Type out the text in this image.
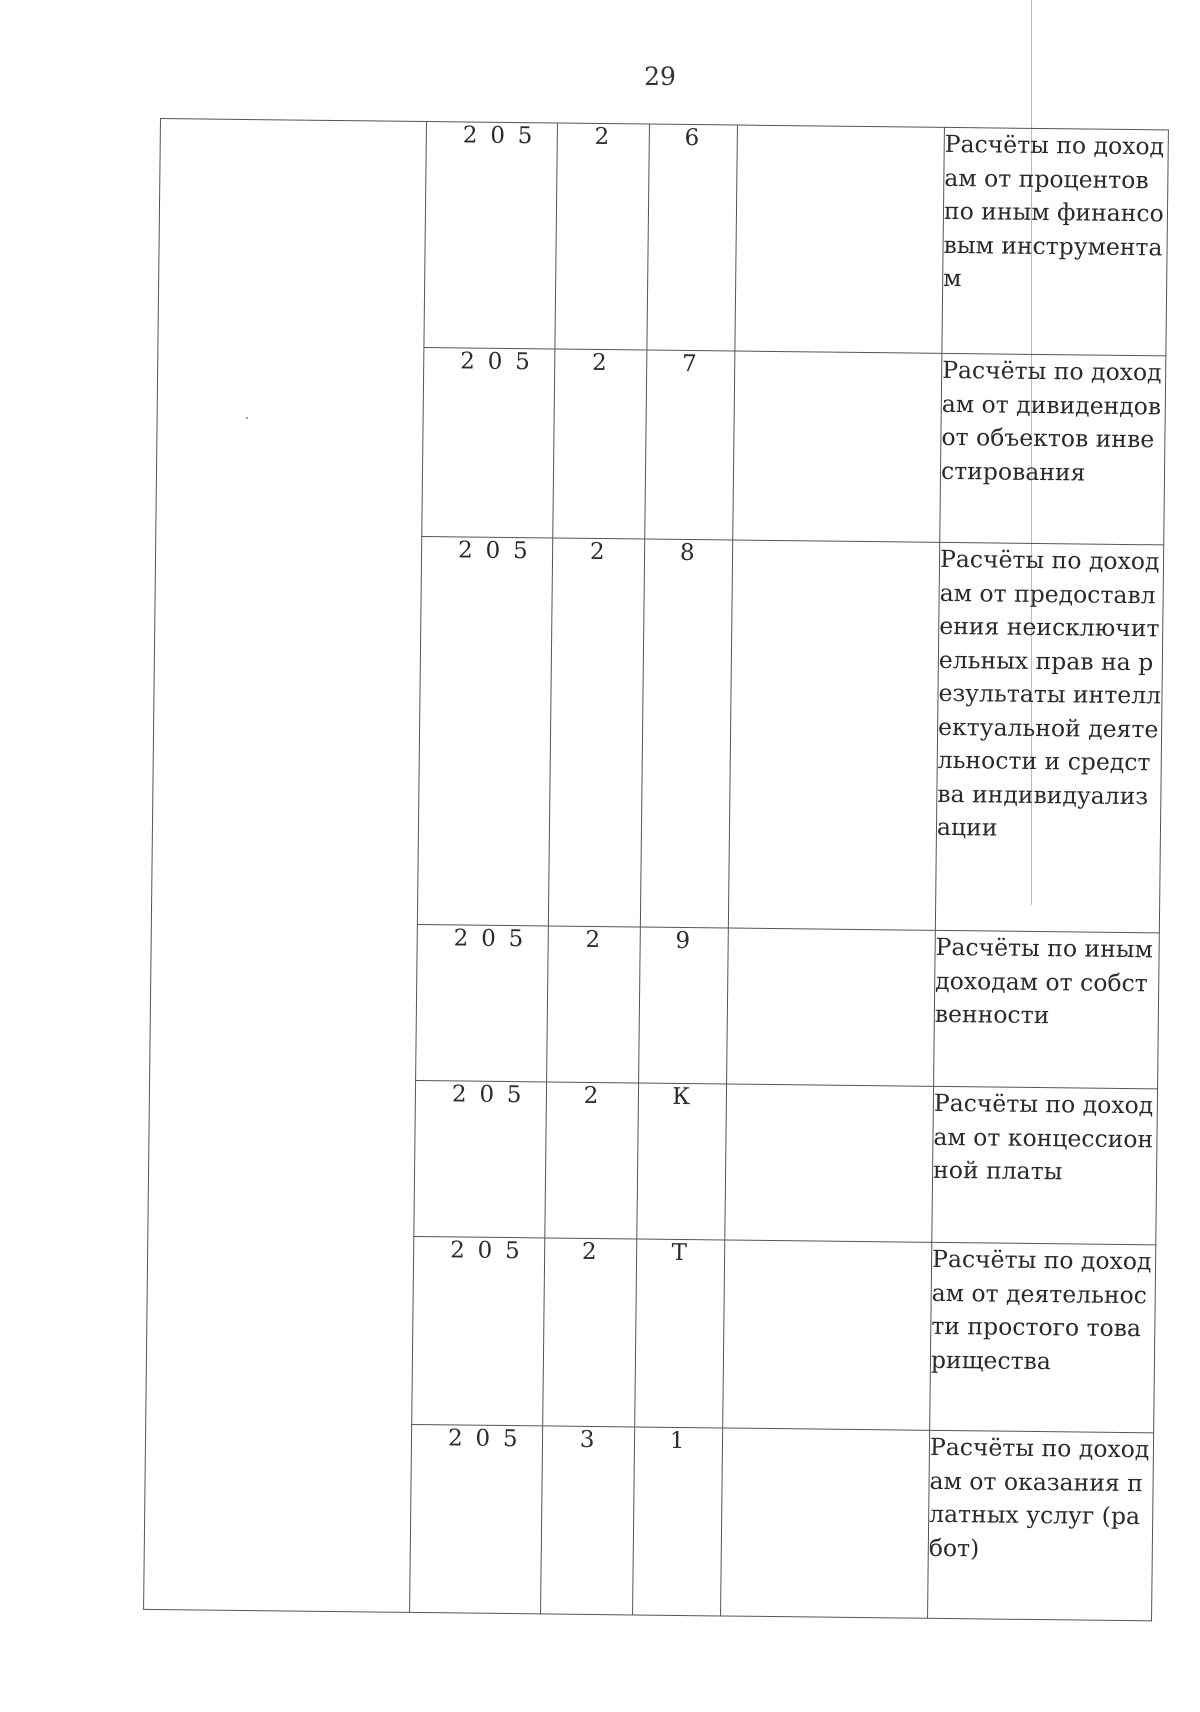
29
	2 0 5	2	6		Расчёты по доходам от процентов по иным финансовым инструментам
	2 0 5	2	7		Расчёты по доходам от дивидендов от объектов инвестирования
	2 0 5	2	8		Расчёты по доходам от предоставления неисключительных прав на результаты интеллектуальной деятельности и средства индивидуализации
	2 0 5	2	9		Расчёты по иным доходам от собственности
	2 0 5	2	К		Расчёты по доходам от концессионной платы
	2 0 5	2	Т		Расчёты по доходам от деятельности простого товарищества
	2 0 5	3	1		Расчёты по доходам от оказания платных услуг (работ)
